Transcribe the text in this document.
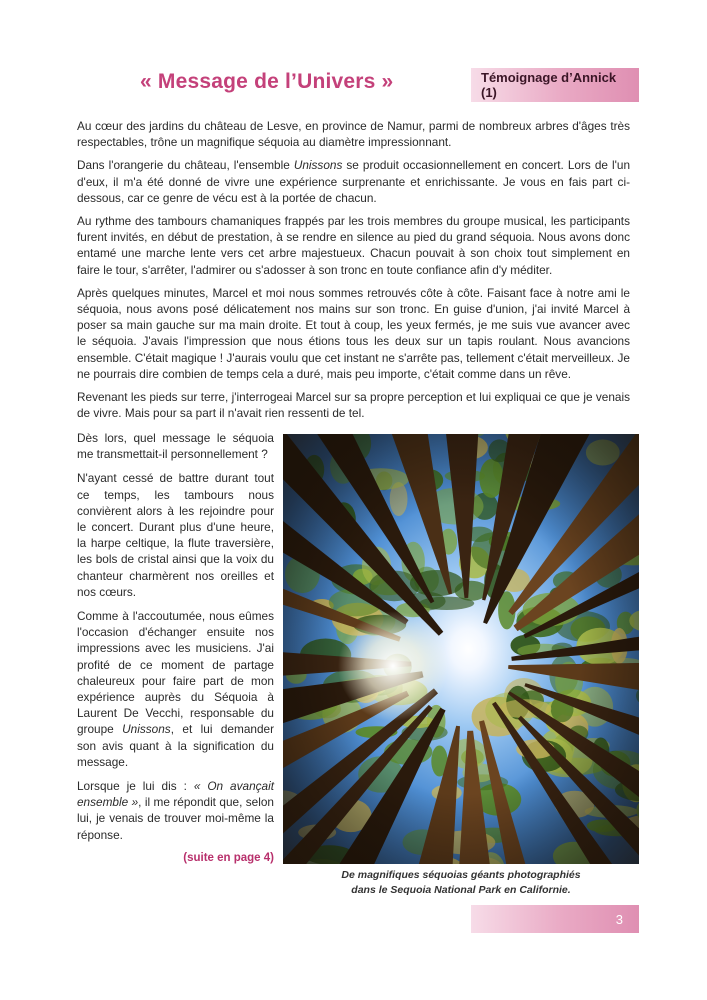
« Message de l’Univers »	Témoignage d’Annick (1)

Au cœur des jardins du château de Lesve, en province de Namur, parmi de nombreux arbres d'âges très respectables, trône un magnifique séquoia au diamètre impressionnant.

Dans l'orangerie du château, l'ensemble Unissons se produit occasionnellement en concert. Lors de l'un d'eux, il m'a été donné de vivre une expérience surprenante et enrichissante. Je vous en fais part ci-dessous, car ce genre de vécu est à la portée de chacun.

Au rythme des tambours chamaniques frappés par les trois membres du groupe musical, les participants furent invités, en début de prestation, à se rendre en silence au pied du grand séquoia. Nous avons donc entamé une marche lente vers cet arbre majestueux. Chacun pouvait à son choix tout simplement en faire le tour, s'arrêter, l'admirer ou s'adosser à son tronc en toute confiance afin d'y méditer.

Après quelques minutes, Marcel et moi nous sommes retrouvés côte à côte. Faisant face à notre ami le séquoia, nous avons posé délicatement nos mains sur son tronc. En guise d'union, j'ai invité Marcel à poser sa main gauche sur ma main droite. Et tout à coup, les yeux fermés, je me suis vue avancer avec le séquoia. J'avais l'impression que nous étions tous les deux sur un tapis roulant. Nous avancions ensemble. C'était magique ! J'aurais voulu que cet instant ne s'arrête pas, tellement c'était merveilleux. Je ne pourrais dire combien de temps cela a duré, mais peu importe, c'était comme dans un rêve.

Revenant les pieds sur terre, j'interrogeai Marcel sur sa propre perception et lui expliquai ce que je venais de vivre. Mais pour sa part il n'avait rien ressenti de tel.

Dès lors, quel message le séquoia me transmettait-il personnellement ?

N'ayant cessé de battre durant tout ce temps, les tambours nous convièrent alors à les rejoindre pour le concert. Durant plus d'une heure, la harpe celtique, la flute traversière, les bols de cristal ainsi que la voix du chanteur charmèrent nos oreilles et nos cœurs.

Comme à l'accoutumée, nous eûmes l'occasion d'échanger ensuite nos impressions avec les musiciens. J'ai profité de ce moment de partage chaleureux pour faire part de mon expérience auprès du Séquoia à Laurent De Vecchi, responsable du groupe Unissons, et lui demander son avis quant à la signification du message.

Lorsque je lui dis : « On avançait ensemble », il me répondit que, selon lui, je venais de trouver moi-même la réponse.

(suite en page 4)
De magnifiques séquoias géants photographiés
dans le Sequoia National Park en Californie.
3
